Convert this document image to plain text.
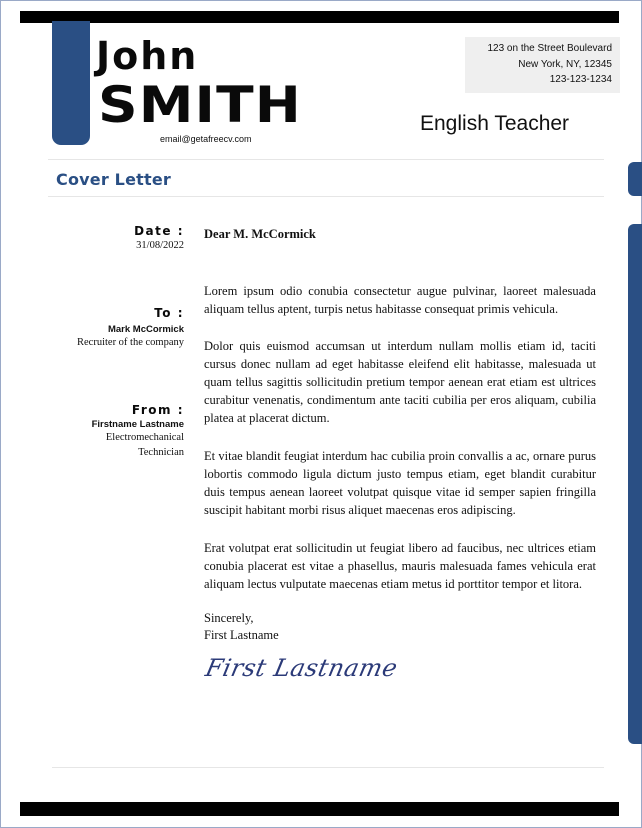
John
SMITH
email@getafreecv.com
123 on the Street Boulevard
New York, NY, 12345
123-123-1234
English Teacher
Cover Letter
Date :
31/08/2022
To :
Mark McCormick
Recruiter of the company
From :
Firstname Lastname
Electromechanical
Technician
Dear M. McCormick

Lorem ipsum odio conubia consectetur augue pulvinar, laoreet malesuada aliquam tellus aptent, turpis netus habitasse consequat primis vehicula.

Dolor quis euismod accumsan ut interdum nullam mollis etiam id, taciti cursus donec nullam ad eget habitasse eleifend elit habitasse, malesuada ut quam tellus sagittis sollicitudin pretium tempor aenean erat etiam est ultrices curabitur venenatis, condimentum ante taciti cubilia per eros aliquam, cubilia platea at placerat dictum.

Et vitae blandit feugiat interdum hac cubilia proin convallis a ac, ornare purus lobortis commodo ligula dictum justo tempus etiam, eget blandit curabitur duis tempus aenean laoreet volutpat quisque vitae id semper sapien fringilla suscipit habitant morbi risus aliquet maecenas eros adipiscing.

Erat volutpat erat sollicitudin ut feugiat libero ad faucibus, nec ultrices etiam conubia placerat est vitae a phasellus, mauris malesuada fames vehicula erat aliquam lectus vulputate maecenas etiam metus id porttitor tempor et litora.

Sincerely,
First Lastname
First Lastname
